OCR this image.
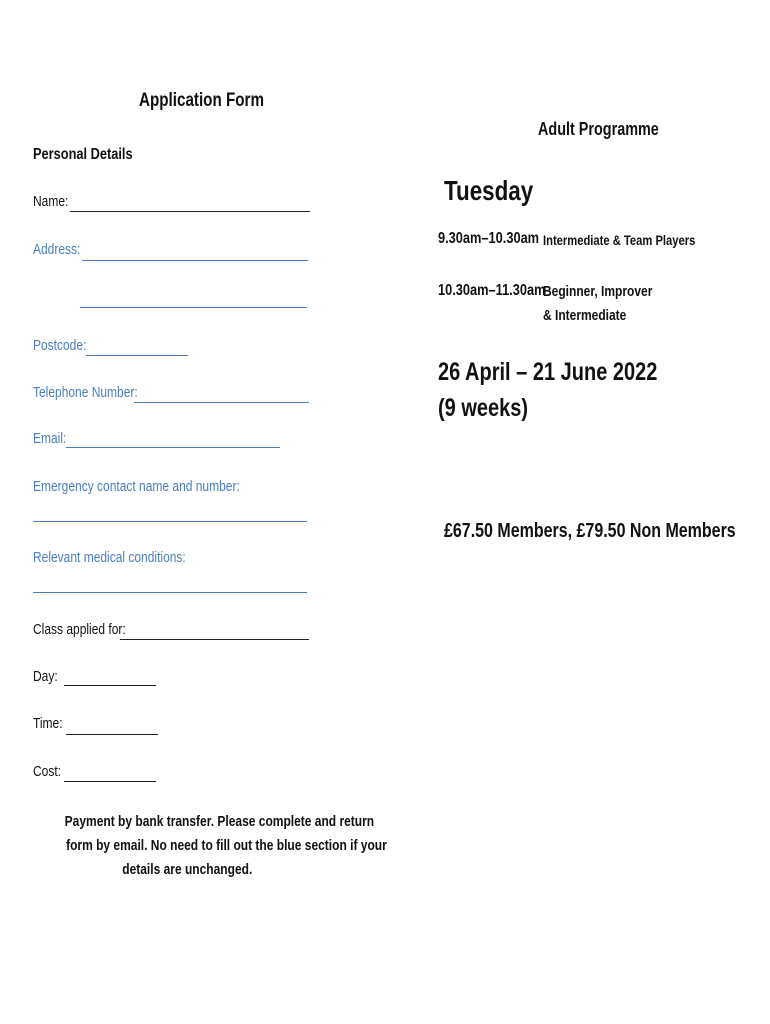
Application Form
Personal Details
Name:
Address:
Postcode:
Telephone Number:
Email:
Emergency contact name and number:
Relevant medical conditions:
Class applied for:
Day:
Time:
Cost:
Payment by bank transfer. Please complete and return
form by email. No need to fill out the blue section if your
details are unchanged.
Adult Programme
Tuesday
9.30am–10.30am Intermediate & Team Players
10.30am–11.30am
Beginner, Improver
& Intermediate
26 April – 21 June 2022
(9 weeks)
£67.50 Members, £79.50 Non Members
